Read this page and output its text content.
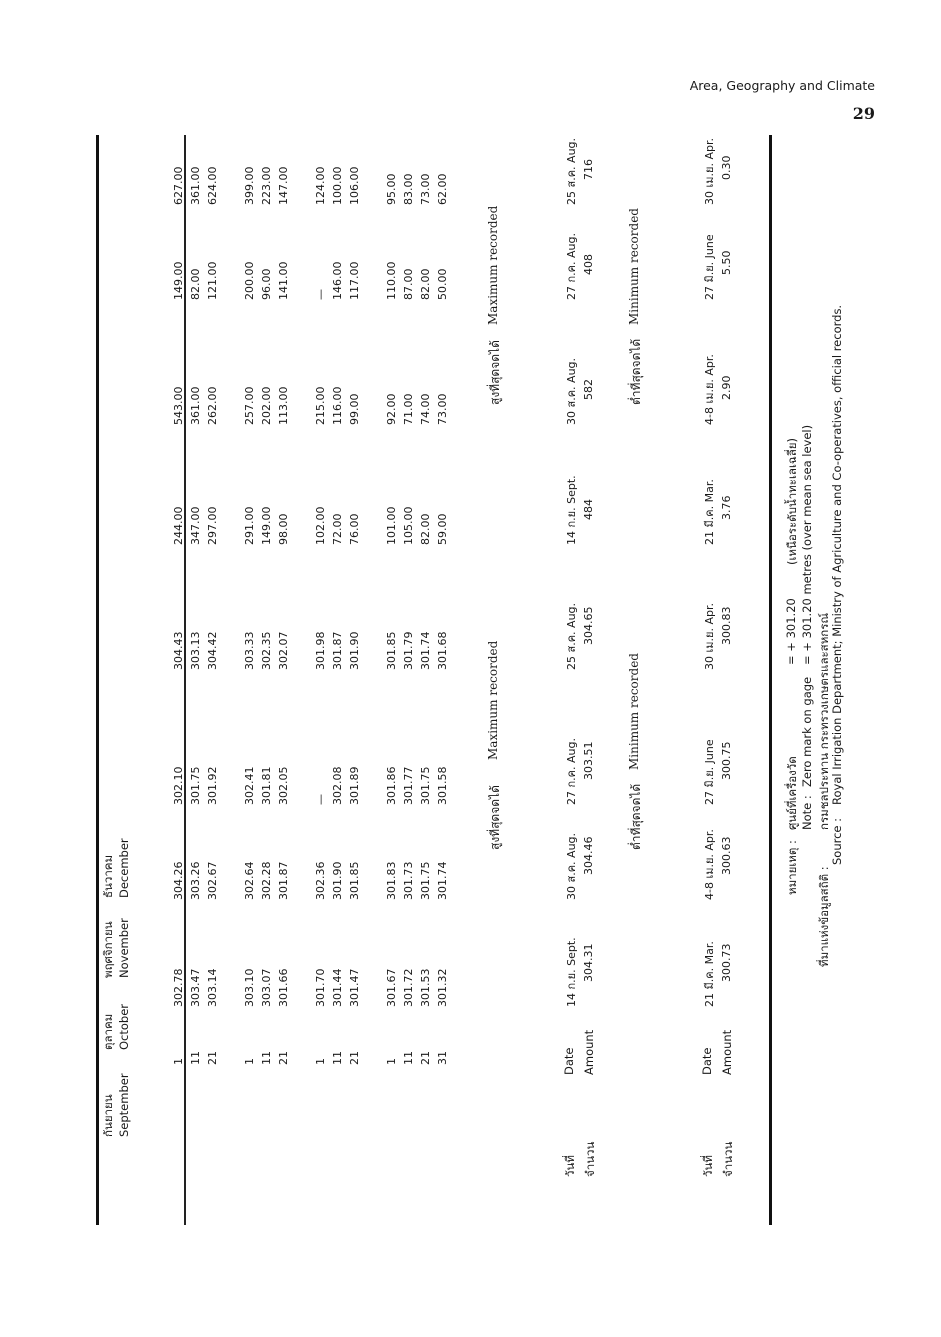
Area, Geography and Climate
29
กันยายน September
ตุลาคม October
พฤศจิกายน November
ธันวาคม December
302.78
304.26
302.10
304.43
244.00
543.00
149.00
627.00
1
303.47
303.26
301.75
303.13
347.00
361.00
82.00
361.00
11
303.14
302.67
301.92
304.42
297.00
262.00
121.00
624.00
21
303.10
302.64
302.41
303.33
291.00
257.00
200.00
399.00
1
303.07
302.28
301.81
302.35
149.00
202.00
96.00
223.00
11
301.66
301.87
302.05
302.07
98.00
113.00
141.00
147.00
21
301.70
302.36
—
301.98
102.00
215.00
—
124.00
1
301.44
301.90
302.08
301.87
72.00
116.00
146.00
100.00
11
301.47
301.85
301.89
301.90
76.00
99.00
117.00
106.00
21
301.67
301.83
301.86
301.85
101.00
92.00
110.00
95.00
1
301.72
301.73
301.77
301.79
105.00
71.00
87.00
83.00
11
301.53
301.75
301.75
301.74
82.00
74.00
82.00
73.00
21
301.32
301.74
301.58
301.68
59.00
73.00
50.00
62.00
31
สูงที่สุดจดได้
Maximum recorded
สูงที่สุดจดได้
Maximum recorded
วันที่
Date
จำนวน
Amount
ต่ำที่สุดจดได้
Minimum recorded
ต่ำที่สุดจดได้
Minimum recorded
วันที่
Date
จำนวน
Amount
14 ก.ย. Sept.
30 ส.ค. Aug.
27 ก.ค. Aug.
25 ส.ค. Aug.
14 ก.ย. Sept.
30 ส.ค. Aug.
27 ก.ค. Aug.
25 ส.ค. Aug.
304.31
304.46
303.51
304.65
484
582
408
716
21 มี.ค. Mar.
4-8 เม.ย. Apr.
27 มิ.ย. June
30 เม.ย. Apr.
21 มี.ค. Mar.
4-8 เม.ย. Apr.
27 มิ.ย. June
30 เม.ย. Apr.
300.73
300.63
300.75
300.83
3.76
2.90
5.50
0.30
หมายเหตุ :
ศูนย์ที่เครื่องวัด
= + 301.20
(เหนือระดับน้ำทะเลเฉลี่ย)
Note :
Zero mark on gage
= + 301.20 metres (over mean sea level)
ที่มาแห่งข้อมูลสถิติ :
กรมชลประทาน กระทรวงเกษตรและสหกรณ์
Source :
Royal Irrigation Department; Ministry of Agriculture and Co-operatives, official records.
